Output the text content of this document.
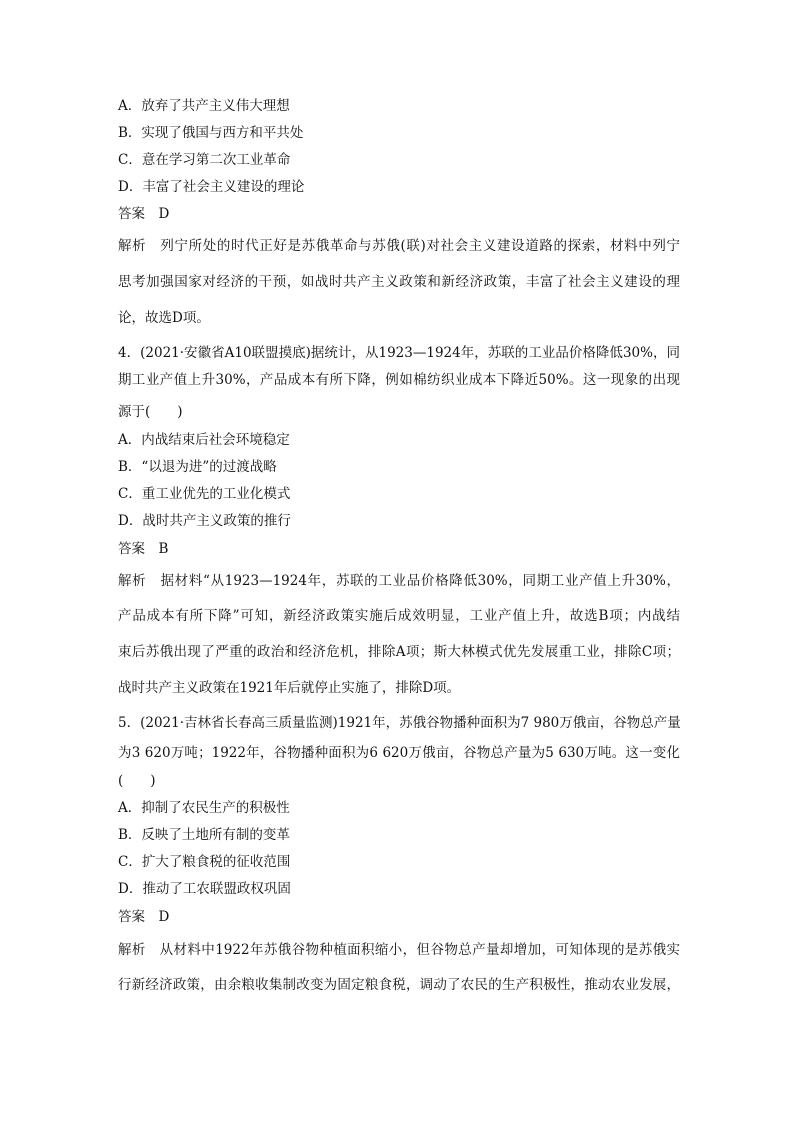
A．放弃了共产主义伟大理想
B．实现了俄国与西方和平共处
C．意在学习第二次工业革命
D．丰富了社会主义建设的理论
答案　D
解析　列宁所处的时代正好是苏俄革命与苏俄(联)对社会主义建设道路的探索，材料中列宁
思考加强国家对经济的干预，如战时共产主义政策和新经济政策，丰富了社会主义建设的理
论，故选D项。
4．(2021·安徽省A10联盟摸底)据统计，从1923—1924年，苏联的工业品价格降低30%，同
期工业产值上升30%，产品成本有所下降，例如棉纺织业成本下降近50%。这一现象的出现
源于(　　)
A．内战结束后社会环境稳定
B．“以退为进”的过渡战略
C．重工业优先的工业化模式
D．战时共产主义政策的推行
答案　B
解析　据材料“从1923—1924年，苏联的工业品价格降低30%，同期工业产值上升30%，
产品成本有所下降”可知，新经济政策实施后成效明显，工业产值上升，故选B项；内战结
束后苏俄出现了严重的政治和经济危机，排除A项；斯大林模式优先发展重工业，排除C项；
战时共产主义政策在1921年后就停止实施了，排除D项。
5．(2021·吉林省长春高三质量监测)1921年，苏俄谷物播种面积为7 980万俄亩，谷物总产量
为3 620万吨；1922年，谷物播种面积为6 620万俄亩，谷物总产量为5 630万吨。这一变化
(　　)
A．抑制了农民生产的积极性
B．反映了土地所有制的变革
C．扩大了粮食税的征收范围
D．推动了工农联盟政权巩固
答案　D
解析　从材料中1922年苏俄谷物种植面积缩小，但谷物总产量却增加，可知体现的是苏俄实
行新经济政策，由余粮收集制改变为固定粮食税，调动了农民的生产积极性，推动农业发展，
